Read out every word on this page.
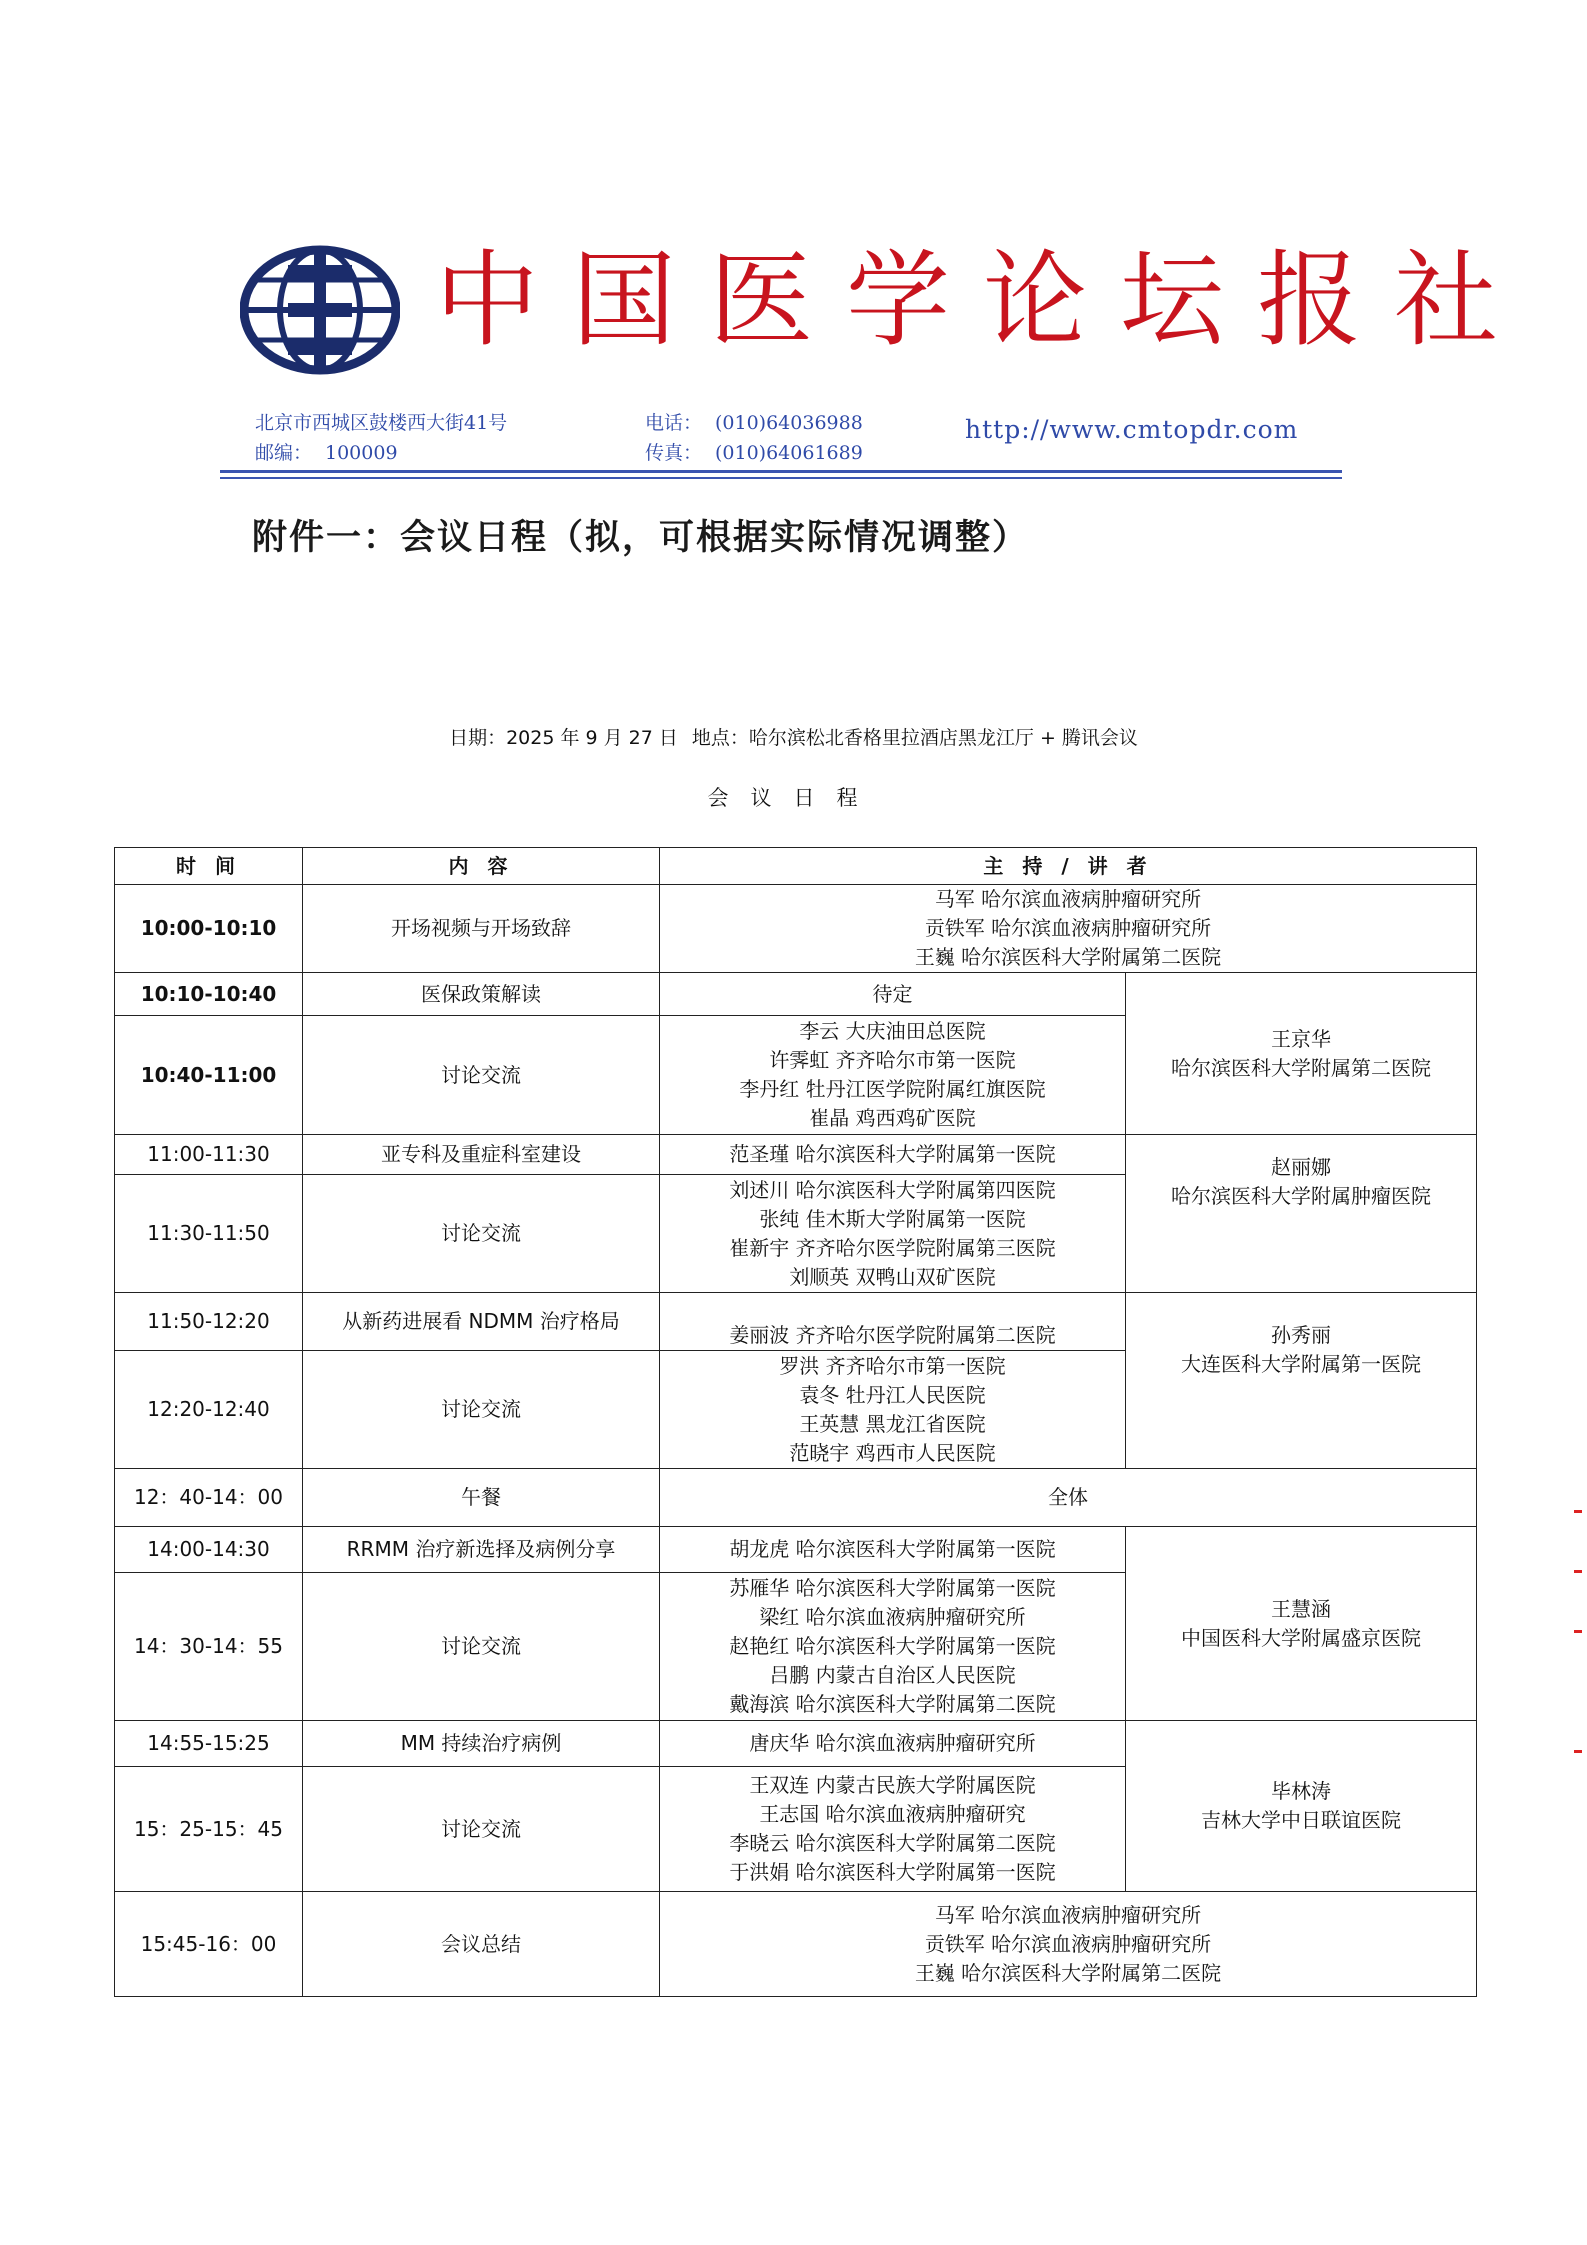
中国医学论坛报社
北京市西城区鼓楼西大街41号
邮编： 100009
电话： (010)64036988
传真： (010)64061689
http://www.cmtopdr.com
附件一：会议日程（拟，可根据实际情况调整）
日期：2025 年 9 月 27 日 地点：哈尔滨松北香格里拉酒店黑龙江厅 + 腾讯会议
会议日程
时 间	内 容	主 持 / 讲 者	
10:00-10:10	开场视频与开场致辞	马军 哈尔滨血液病肿瘤研究所
贡铁军 哈尔滨血液病肿瘤研究所
王巍 哈尔滨医科大学附属第二医院	

10:10-10:40	医保政策解读	待定	王京华
哈尔滨医科大学附属第二医院

10:40-11:00	讨论交流	李云 大庆油田总医院
许霁虹 齐齐哈尔市第一医院
李丹红 牡丹江医学院附属红旗医院
崔晶 鸡西鸡矿医院	

11:00-11:30	亚专科及重症科室建设	范圣瑾 哈尔滨医科大学附属第一医院	赵丽娜
哈尔滨医科大学附属肿瘤医院

11:30-11:50	讨论交流	刘述川 哈尔滨医科大学附属第四医院
张纯 佳木斯大学附属第一医院
崔新宇 齐齐哈尔医学院附属第三医院
刘顺英 双鸭山双矿医院	

11:50-12:20	从新药进展看 NDMM 治疗格局	姜丽波 齐齐哈尔医学院附属第二医院	孙秀丽
大连医科大学附属第一医院

12:20-12:40	讨论交流	罗洪 齐齐哈尔市第一医院
袁冬 牡丹江人民医院
王英慧 黑龙江省医院
范晓宇 鸡西市人民医院	

12：40-14：00	午餐	全体	

14:00-14:30	RRMM 治疗新选择及病例分享	胡龙虎 哈尔滨医科大学附属第一医院	王慧涵
中国医科大学附属盛京医院

14：30-14：55	讨论交流	苏雁华 哈尔滨医科大学附属第一医院
梁红 哈尔滨血液病肿瘤研究所
赵艳红 哈尔滨医科大学附属第一医院
吕鹏 内蒙古自治区人民医院
戴海滨 哈尔滨医科大学附属第二医院	

14:55-15:25	MM 持续治疗病例	唐庆华 哈尔滨血液病肿瘤研究所	毕林涛
吉林大学中日联谊医院

15：25-15：45	讨论交流	王双连 内蒙古民族大学附属医院
王志国 哈尔滨血液病肿瘤研究
李晓云 哈尔滨医科大学附属第二医院
于洪娟 哈尔滨医科大学附属第一医院	

15:45-16：00	会议总结	马军 哈尔滨血液病肿瘤研究所
贡铁军 哈尔滨血液病肿瘤研究所
王巍 哈尔滨医科大学附属第二医院	
